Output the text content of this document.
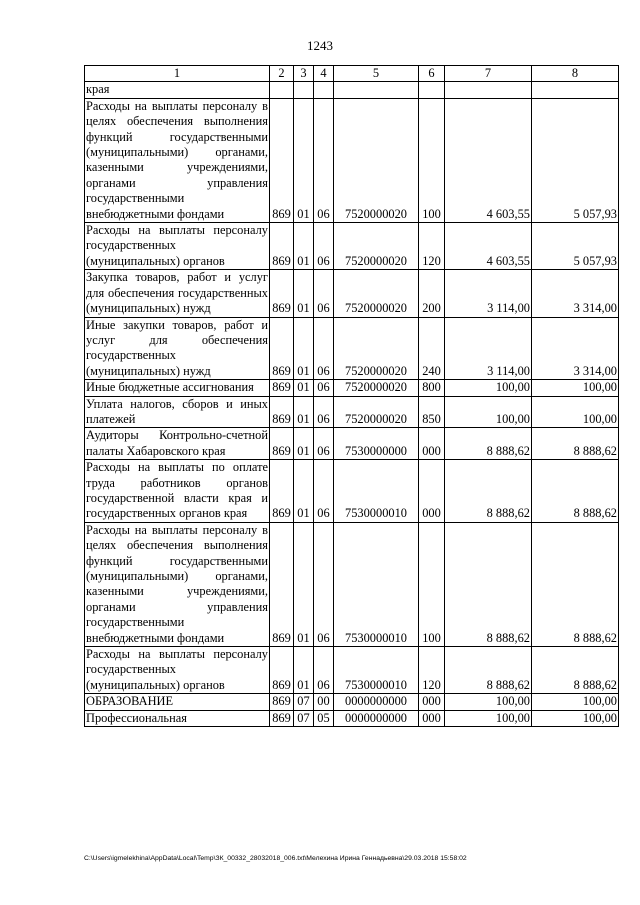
1243
1	2	3	4	5	6	7	8
края							
Расходы на выплаты персоналу в целях обеспечения выполнения функций государственными (муниципальными) органами, казенными учреждениями, органами управления государственными внебюджетными фондами	869	01	06	7520000020	100	4 603,55	5 057,93
Расходы на выплаты персоналу государственных (муниципальных) органов	869	01	06	7520000020	120	4 603,55	5 057,93
Закупка товаров, работ и услуг для обеспечения государственных (муниципальных) нужд	869	01	06	7520000020	200	3 114,00	3 314,00
Иные закупки товаров, работ и услуг для обеспечения государственных (муниципальных) нужд	869	01	06	7520000020	240	3 114,00	3 314,00
Иные бюджетные ассигнования	869	01	06	7520000020	800	100,00	100,00
Уплата налогов, сборов и иных платежей	869	01	06	7520000020	850	100,00	100,00
Аудиторы Контрольно-счетной палаты Хабаровского края	869	01	06	7530000000	000	8 888,62	8 888,62
Расходы на выплаты по оплате труда работников органов государственной власти края и государственных органов края	869	01	06	7530000010	000	8 888,62	8 888,62
Расходы на выплаты персоналу в целях обеспечения выполнения функций государственными (муниципальными) органами, казенными учреждениями, органами управления государственными внебюджетными фондами	869	01	06	7530000010	100	8 888,62	8 888,62
Расходы на выплаты персоналу государственных (муниципальных) органов	869	01	06	7530000010	120	8 888,62	8 888,62
ОБРАЗОВАНИЕ	869	07	00	0000000000	000	100,00	100,00
Профессиональная	869	07	05	0000000000	000	100,00	100,00
C:\Users\igmelekhina\AppData\Local\Temp\ЗК_00332_28032018_006.txt\Мелехина Ирина Геннадьевна\29.03.2018 15:58:02
